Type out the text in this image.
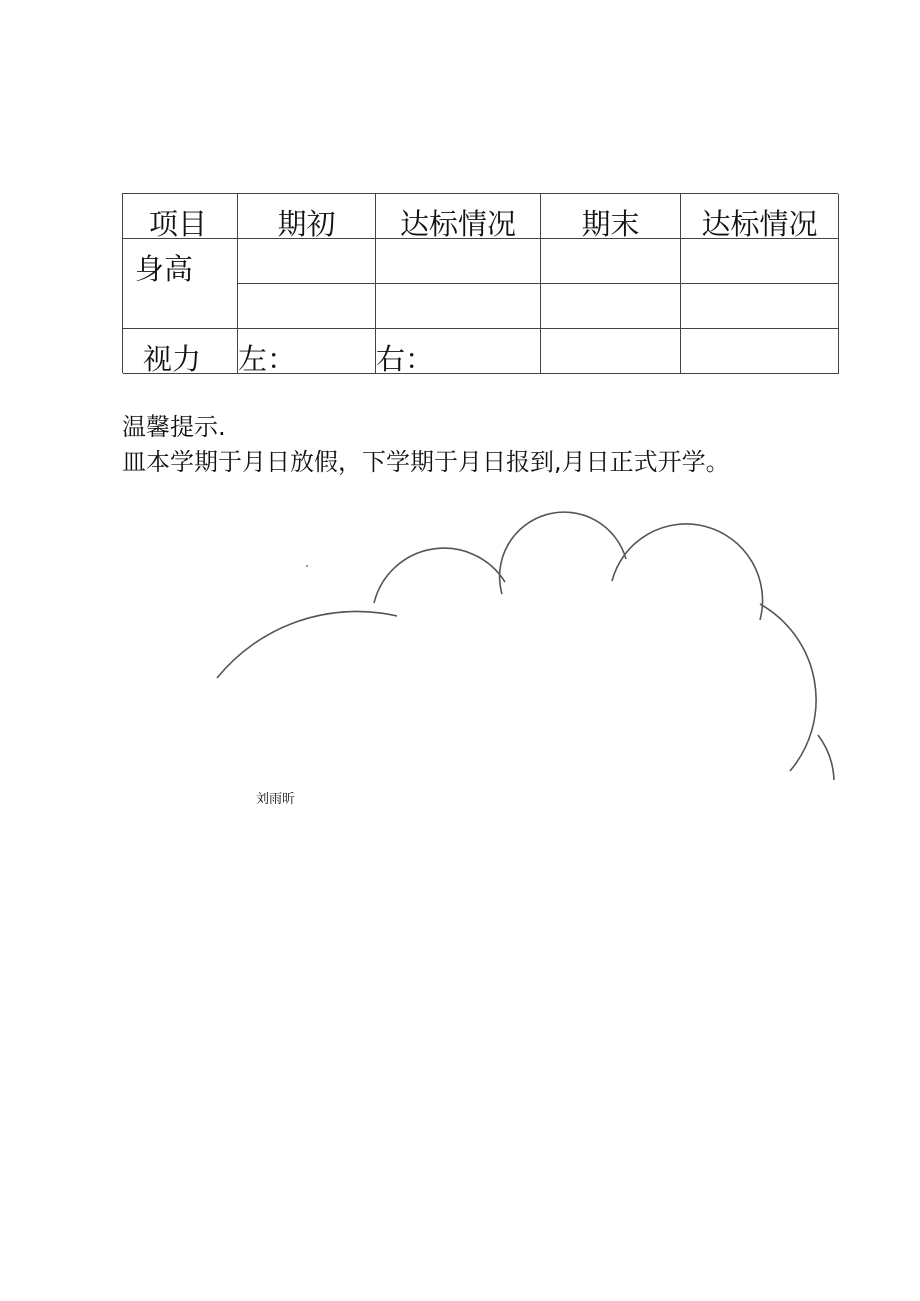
项目	期初	达标情况	期末	达标情况
身高
视力 左：	右：
温馨提示.
皿本学期于月日放假，下学期于月日报到,月日正式开学。
刘雨昕
